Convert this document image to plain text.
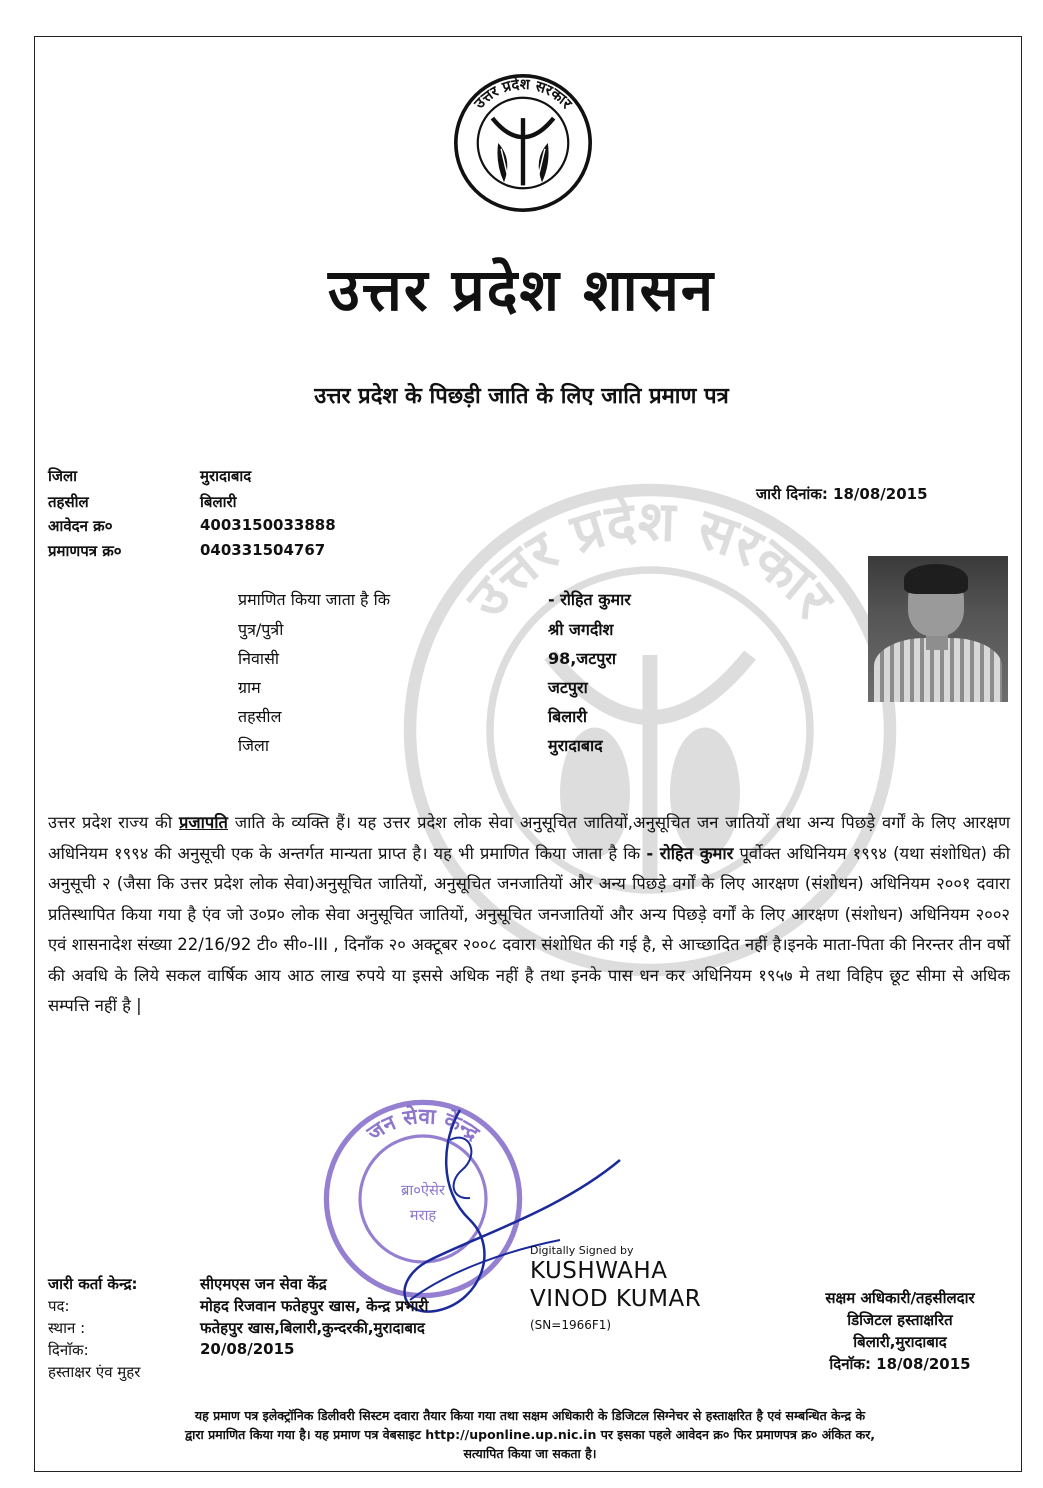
उत्तर प्रदेश सरकार
उत्तर प्रदेश सरकार
उत्तर प्रदेश शासन
उत्तर प्रदेश के पिछड़ी जाति के लिए जाति प्रमाण पत्र
जिला	मुरादाबाद
तहसील	बिलारी
आवेदन क्र०	4003150033888
प्रमाणपत्र क्र०	040331504767
जारी दिनांक: 18/08/2015
प्रमाणित किया जाता है कि	- रोहित कुमार
पुत्र/पुत्री	श्री जगदीश
निवासी	98,जटपुरा
ग्राम	जटपुरा
तहसील	बिलारी
जिला	मुरादाबाद
उत्तर प्रदेश राज्य की प्रजापति जाति के व्यक्ति हैं। यह उत्तर प्रदेश लोक सेवा अनुसूचित जातियों,अनुसूचित जन जातियों तथा अन्य पिछड़े वर्गों के लिए आरक्षण अधिनियम १९९४ की अनुसूची एक के अन्तर्गत मान्यता प्राप्त है। यह भी प्रमाणित किया जाता है कि - रोहित कुमार पूर्वोक्त अधिनियम १९९४ (यथा संशोधित) की अनुसूची २ (जैसा कि उत्तर प्रदेश लोक सेवा)अनुसूचित जातियों, अनुसूचित जनजातियों और अन्य पिछड़े वर्गों के लिए आरक्षण (संशोधन) अधिनियम २००१ दवारा प्रतिस्थापित किया गया है एंव जो उ०प्र० लोक सेवा अनुसूचित जातियों, अनुसूचित जनजातियों और अन्य पिछड़े वर्गों के लिए आरक्षण (संशोधन) अधिनियम २००२ एवं शासनादेश संख्या 22/16/92 टी० सी०-III , दिनाँक २० अक्टूबर २००८ दवारा संशोधित की गई है, से आच्छादित नहीं है।इनके माता-पिता की निरन्तर तीन वर्षो की अवधि के लिये सकल वार्षिक आय आठ लाख रुपये या इससे अधिक नहीं है तथा इनके पास धन कर अधिनियम १९५७ मे तथा विहिप छूट सीमा से अधिक सम्पत्ति नहीं है |
जन सेवा केन्द्र
ब्रा०ऐसेर
मराह
Digitally Signed by
KUSHWAHA
VINOD KUMAR
(SN=1966F1)
जारी कर्ता केन्द्र:	सीएमएस जन सेवा केंद्र
पद:	मोहद रिजवान फतेहपुर खास, केन्द्र प्रभारी
स्थान :	फतेहपुर खास,बिलारी,कुन्दरकी,मुरादाबाद
दिनाॅक:	20/08/2015
हस्ताक्षर एंव मुहर
सक्षम अधिकारी/तहसीलदार
डिजिटल हस्ताक्षरित
बिलारी,मुरादाबाद
दिनाॅक: 18/08/2015
यह प्रमाण पत्र इलेक्ट्रॉनिक डिलीवरी सिस्टम दवारा तैयार किया गया तथा सक्षम अधिकारी के डिजिटल सिग्नेचर से हस्ताक्षरित है एवं सम्बन्धित केन्द्र के
द्वारा प्रमाणित किया गया है। यह प्रमाण पत्र वेबसाइट http://uponline.up.nic.in पर इसका पहले आवेदन क्र० फिर प्रमाणपत्र क्र० अंकित कर,
सत्यापित किया जा सकता है।
